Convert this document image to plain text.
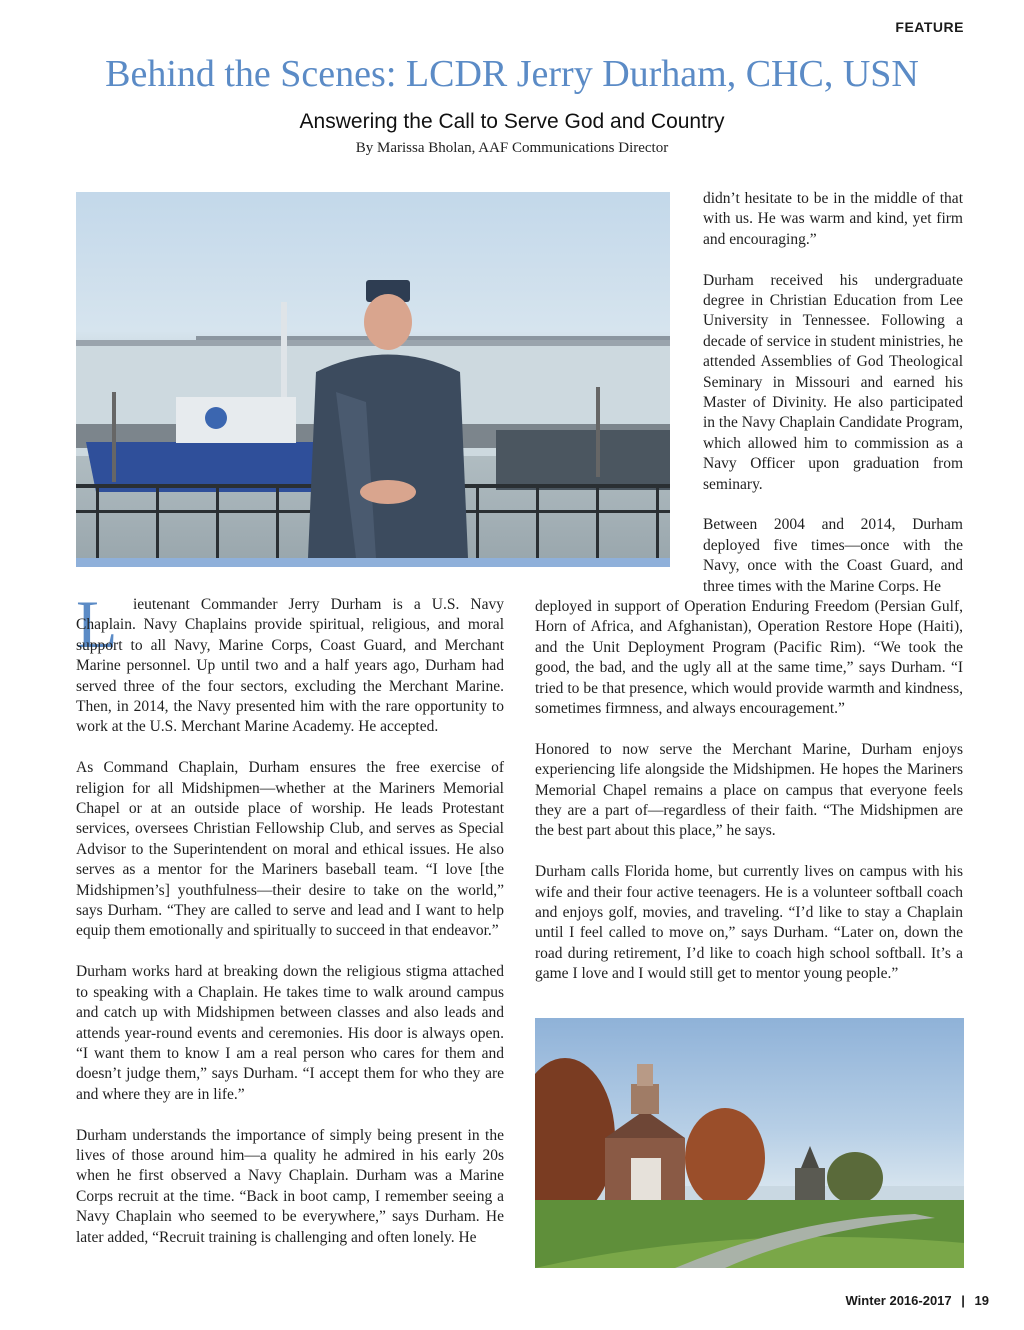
FEATURE
Behind the Scenes: LCDR Jerry Durham, CHC, USN
Answering the Call to Serve God and Country
By Marissa Bholan, AAF Communications Director
L ieutenant Commander Jerry Durham is a U.S. Navy Chaplain. Navy Chaplains provide spiritual, religious, and moral support to all Navy, Marine Corps, Coast Guard, and Merchant Marine personnel. Up until two and a half years ago, Durham had served three of the four sectors, excluding the Merchant Marine. Then, in 2014, the Navy presented him with the rare opportunity to work at the U.S. Merchant Marine Academy. He accepted.

As Command Chaplain, Durham ensures the free exercise of religion for all Midshipmen—whether at the Mariners Memorial Chapel or at an outside place of worship. He leads Protestant services, oversees Christian Fellowship Club, and serves as Special Advisor to the Superintendent on moral and ethical issues. He also serves as a mentor for the Mariners baseball team. “I love [the Midshipmen’s] youthfulness—their desire to take on the world,” says Durham. “They are called to serve and lead and I want to help equip them emotionally and spiritually to succeed in that endeavor.”

Durham works hard at breaking down the religious stigma attached to speaking with a Chaplain. He takes time to walk around campus and catch up with Midshipmen between classes and also leads and attends year-round events and ceremonies. His door is always open. “I want them to know I am a real person who cares for them and doesn’t judge them,” says Durham. “I accept them for who they are and where they are in life.”

Durham understands the importance of simply being present in the lives of those around him—a quality he admired in his early 20s when he first observed a Navy Chaplain. Durham was a Marine Corps recruit at the time. “Back in boot camp, I remember seeing a Navy Chaplain who seemed to be everywhere,” says Durham. He later added, “Recruit training is challenging and often lonely. He

didn’t hesitate to be in the middle of that with us. He was warm and kind, yet firm and encouraging.”

Durham received his undergraduate degree in Christian Education from Lee University in Tennessee. Following a decade of service in student ministries, he attended Assemblies of God Theological Seminary in Missouri and earned his Master of Divinity. He also participated in the Navy Chaplain Candidate Program, which allowed him to commission as a Navy Officer upon graduation from seminary.

Between 2004 and 2014, Durham deployed five times—once with the Navy, once with the Coast Guard, and three times with the Marine Corps. He

deployed in support of Operation Enduring Freedom (Persian Gulf, Horn of Africa, and Afghanistan), Operation Restore Hope (Haiti), and the Unit Deployment Program (Pacific Rim). “We took the good, the bad, and the ugly all at the same time,” says Durham. “I tried to be that presence, which would provide warmth and kindness, sometimes firmness, and always encouragement.”

Honored to now serve the Merchant Marine, Durham enjoys experiencing life alongside the Midshipmen. He hopes the Mariners Memorial Chapel remains a place on campus that everyone feels they are a part of—regardless of their faith. “The Midshipmen are the best part about this place,” he says.

Durham calls Florida home, but currently lives on campus with his wife and their four active teenagers. He is a volunteer softball coach and enjoys golf, movies, and traveling. “I’d like to stay a Chaplain until I feel called to move on,” says Durham. “Later on, down the road during retirement, I’d like to coach high school softball. It’s a game I love and I would still get to mentor young people.”

Winter 2016-2017 | 19
